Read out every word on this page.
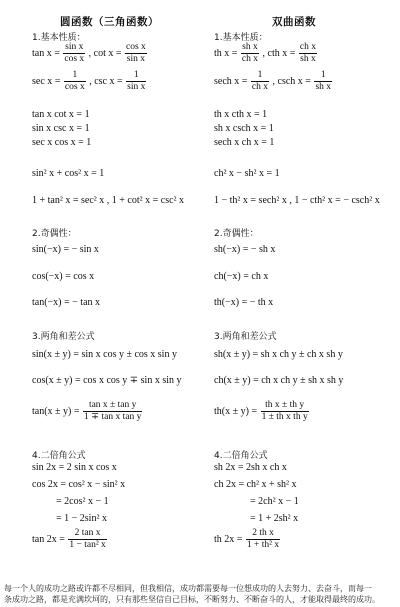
圆函数（三角函数）
1.基本性质：
$\tan x = \frac{\text{sin x}}{\text{cos x}}$ , $\cot x = \frac{\text{cos x}}{\text{sin x}}$
$\sec x = \frac{1}{\text{cos x}}$ , $\csc x = \frac{1}{\text{sin x}}$
tan x cot x = 1
sin x csc x = 1
sec x cos x = 1
sin² x + cos² x = 1
1 + tan² x = sec² x , 1 + cot² x = csc² x
2.奇偶性：
sin(−x) = − sin x
cos(−x) = cos x
tan(−x) = − tan x
3.两角和差公式
sin(x ± y) = sin x cos y ± cos x sin y
cos(x ± y) = cos x cos y ∓ sin x sin y
$\tan(x \pm y) = \frac{\text{tan x ± tan y}}{\text{1 ∓ tan x tan y}}$
4.二倍角公式
sin 2x = 2 sin x cos x
cos 2x = cos² x − sin² x
= 2cos² x − 1
= 1 − 2sin² x
$\tan 2x = \frac{\text{2 tan x}}{\text{1 − tan² x}}$
双曲函数
1.基本性质：
th $x = \frac{\text{sh x}}{\text{ch x}}$ , cth $x = \frac{\text{ch x}}{\text{sh x}}$
sech $x = \frac{1}{\text{ch x}}$ , csch $x = \frac{1}{\text{sh x}}$
th x cth x = 1
sh x csch x = 1
sech x ch x = 1
ch² x − sh² x = 1
1 − th² x = sech² x , 1 − cth² x = − csch² x
2.奇偶性：
sh(−x) = − sh x
ch(−x) = ch x
th(−x) = − th x
3.两角和差公式
sh(x ± y) = sh x ch y ± ch x sh y
ch(x ± y) = ch x ch y ± sh x sh y
$th(x \pm y) = \frac{\text{th x ± th y}}{\text{1 ± th x th y}}$
4.二倍角公式
sh 2x = 2sh x ch x
ch 2x = ch² x + sh² x
= 2ch² x − 1
= 1 + 2sh² x
th $2x = \frac{\text{2 th x}}{\text{1 + th² x}}$
每一个人的成功之路或许都不尽相同，但我相信，成功都需要每一位想成功的人去努力、去奋斗，而每一
条成功之路，都是充满坎坷的，只有那些坚信自己目标，不断努力、不断奋斗的人，才能取得最终的成功。
